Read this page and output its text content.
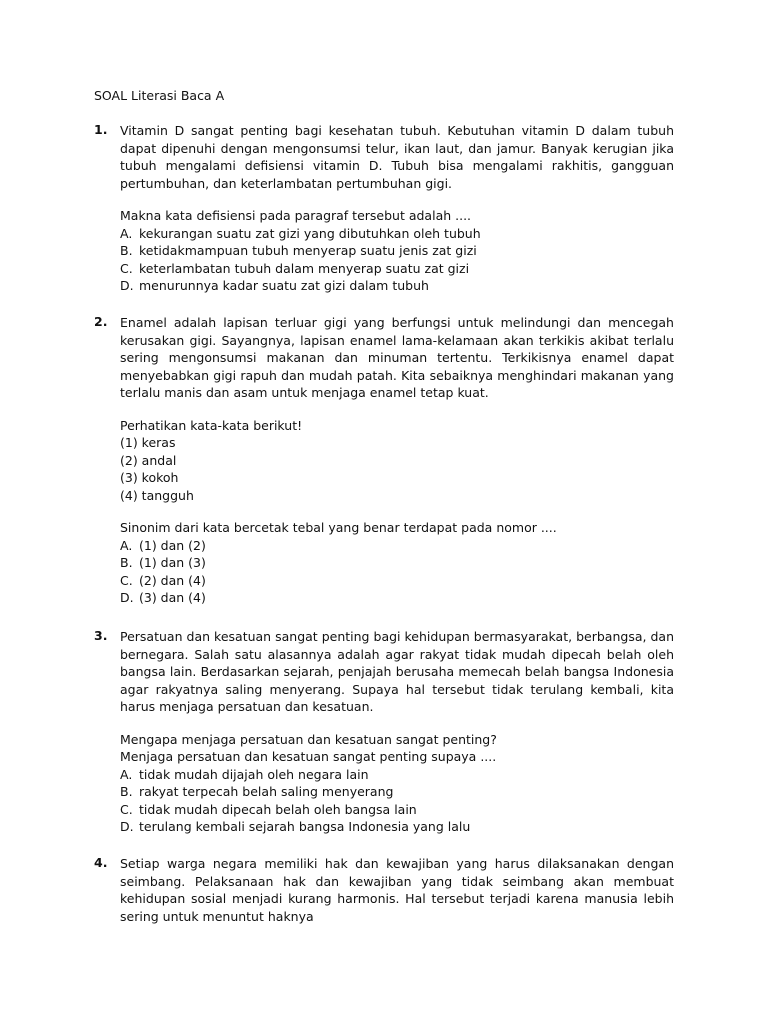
SOAL Literasi Baca A
1.	Vitamin D sangat penting bagi kesehatan tubuh. Kebutuhan vitamin D dalam tubuh dapat dipenuhi dengan mengonsumsi telur, ikan laut, dan jamur. Banyak kerugian jika tubuh mengalami defisiensi vitamin D. Tubuh bisa mengalami rakhitis, gangguan pertumbuhan, dan keterlambatan pertumbuhan gigi.

Makna kata defisiensi pada paragraf tersebut adalah ....

A. kekurangan suatu zat gizi yang dibutuhkan oleh tubuh
B. ketidakmampuan tubuh menyerap suatu jenis zat gizi
C. keterlambatan tubuh dalam menyerap suatu zat gizi
D. menurunnya kadar suatu zat gizi dalam tubuh
2.	Enamel adalah lapisan terluar gigi yang berfungsi untuk melindungi dan mencegah kerusakan gigi. Sayangnya, lapisan enamel lama-kelamaan akan terkikis akibat terlalu sering mengonsumsi makanan dan minuman tertentu. Terkikisnya enamel dapat menyebabkan gigi rapuh dan mudah patah. Kita sebaiknya menghindari makanan yang terlalu manis dan asam untuk menjaga enamel tetap kuat.

Perhatikan kata-kata berikut!

(1) keras

(2) andal

(3) kokoh

(4) tangguh

Sinonim dari kata bercetak tebal yang benar terdapat pada nomor ....

A. (1) dan (2)
B. (1) dan (3)
C. (2) dan (4)
D. (3) dan (4)
3.	Persatuan dan kesatuan sangat penting bagi kehidupan bermasyarakat, berbangsa, dan bernegara. Salah satu alasannya adalah agar rakyat tidak mudah dipecah belah oleh bangsa lain. Berdasarkan sejarah, penjajah berusaha memecah belah bangsa Indonesia agar rakyatnya saling menyerang. Supaya hal tersebut tidak terulang kembali, kita harus menjaga persatuan dan kesatuan.

Mengapa menjaga persatuan dan kesatuan sangat penting?

Menjaga persatuan dan kesatuan sangat penting supaya ....

A. tidak mudah dijajah oleh negara lain
B. rakyat terpecah belah saling menyerang
C. tidak mudah dipecah belah oleh bangsa lain
D. terulang kembali sejarah bangsa Indonesia yang lalu
4.	Setiap warga negara memiliki hak dan kewajiban yang harus dilaksanakan dengan seimbang. Pelaksanaan hak dan kewajiban yang tidak seimbang akan membuat kehidupan sosial menjadi kurang harmonis. Hal tersebut terjadi karena manusia lebih sering untuk menuntut haknya
